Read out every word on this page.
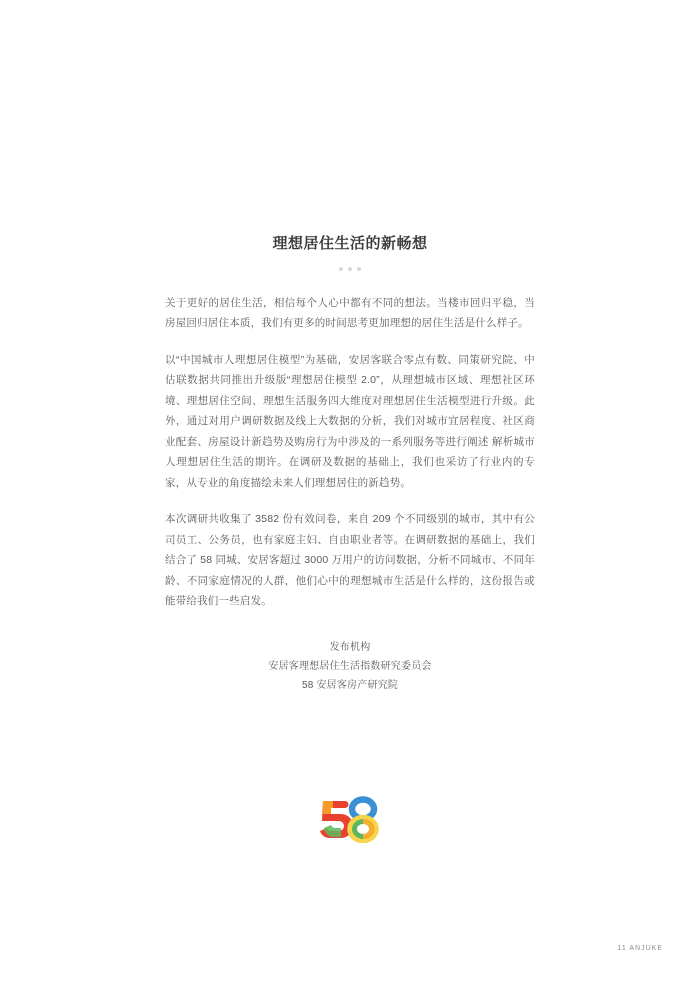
理想居住生活的新畅想

关于更好的居住生活，相信每个人心中都有不同的想法。当楼市回归平稳，当房屋回归居住本质，我们有更多的时间思考更加理想的居住生活是什么样子。

以“中国城市人理想居住模型”为基础，安居客联合零点有数、同策研究院、中估联数据共同推出升级版“理想居住模型 2.0”，从理想城市区域、理想社区环境、理想居住空间、理想生活服务四大维度对理想居住生活模型进行升级。此外，通过对用户调研数据及线上大数据的分析，我们对城市宜居程度、社区商业配套、房屋设计新趋势及购房行为中涉及的一系列服务等进行阐述 解析城市人理想居住生活的期许。在调研及数据的基础上，我们也采访了行业内的专家，从专业的角度描绘未来人们理想居住的新趋势。

本次调研共收集了 3582 份有效问卷，来自 209 个不同级别的城市，其中有公司员工、公务员，也有家庭主妇、自由职业者等。在调研数据的基础上，我们结合了 58 同城、安居客超过 3000 万用户的访问数据，分析不同城市、不同年龄、不同家庭情况的人群，他们心中的理想城市生活是什么样的，这份报告或能带给我们一些启发。

发布机构
安居客理想居住生活指数研究委员会
58 安居客房产研究院
11 ANJUKE
